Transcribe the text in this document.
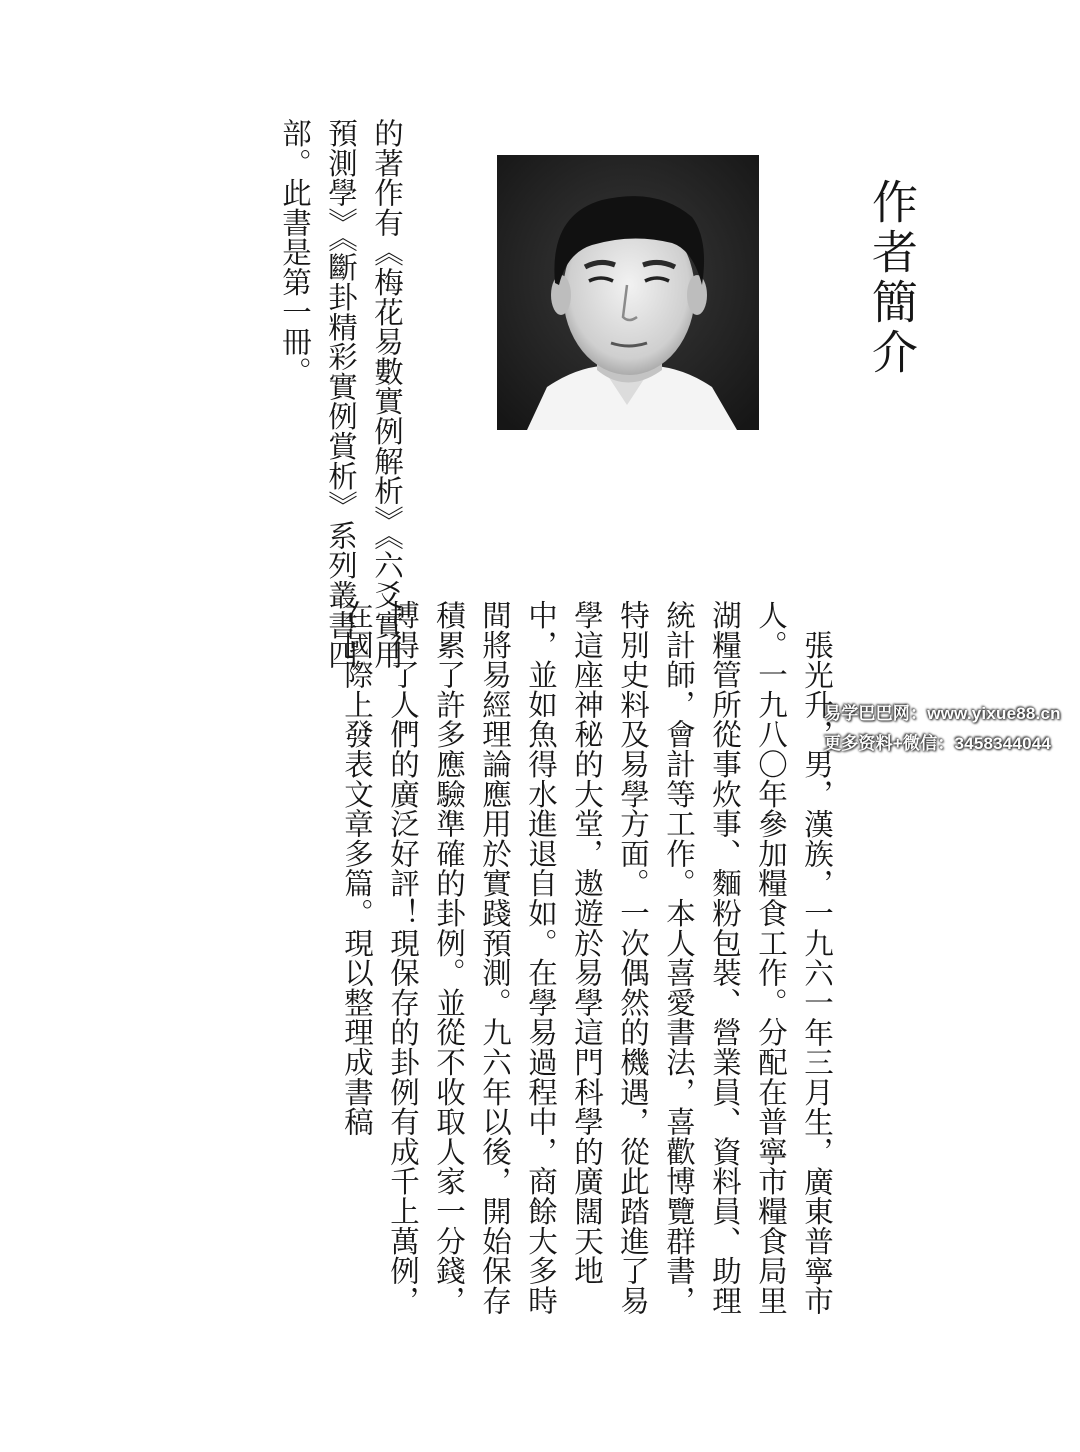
作者簡介

張光升，男，漢族，一九六一年三月生，廣東普寧市人。一九八〇年參加糧食工作。分配在普寧市糧食局里湖糧管所從事炊事、麵粉包裝、營業員、資料員、助理統計師，會計等工作。本人喜愛書法，喜歡博覽群書，特別史料及易學方面。一次偶然的機遇，從此踏進了易學這座神秘的大堂，遨遊於易學這門科學的廣闊天地中，並如魚得水進退自如。在學易過程中，商餘大多時間將易經理論應用於實踐預測。九六年以後，開始保存積累了許多應驗準確的卦例。並從不收取人家一分錢，博得了人們的廣泛好評！現保存的卦例有成千上萬例，在國際上發表文章多篇。現以整理成書稿

的著作有《梅花易數實例解析》《六爻實用預測學》《斷卦精彩實例賞析》系列叢書四部。此書是第一冊。

易学巴巴网：www.yixue88.cn
更多资料+微信：3458344044
